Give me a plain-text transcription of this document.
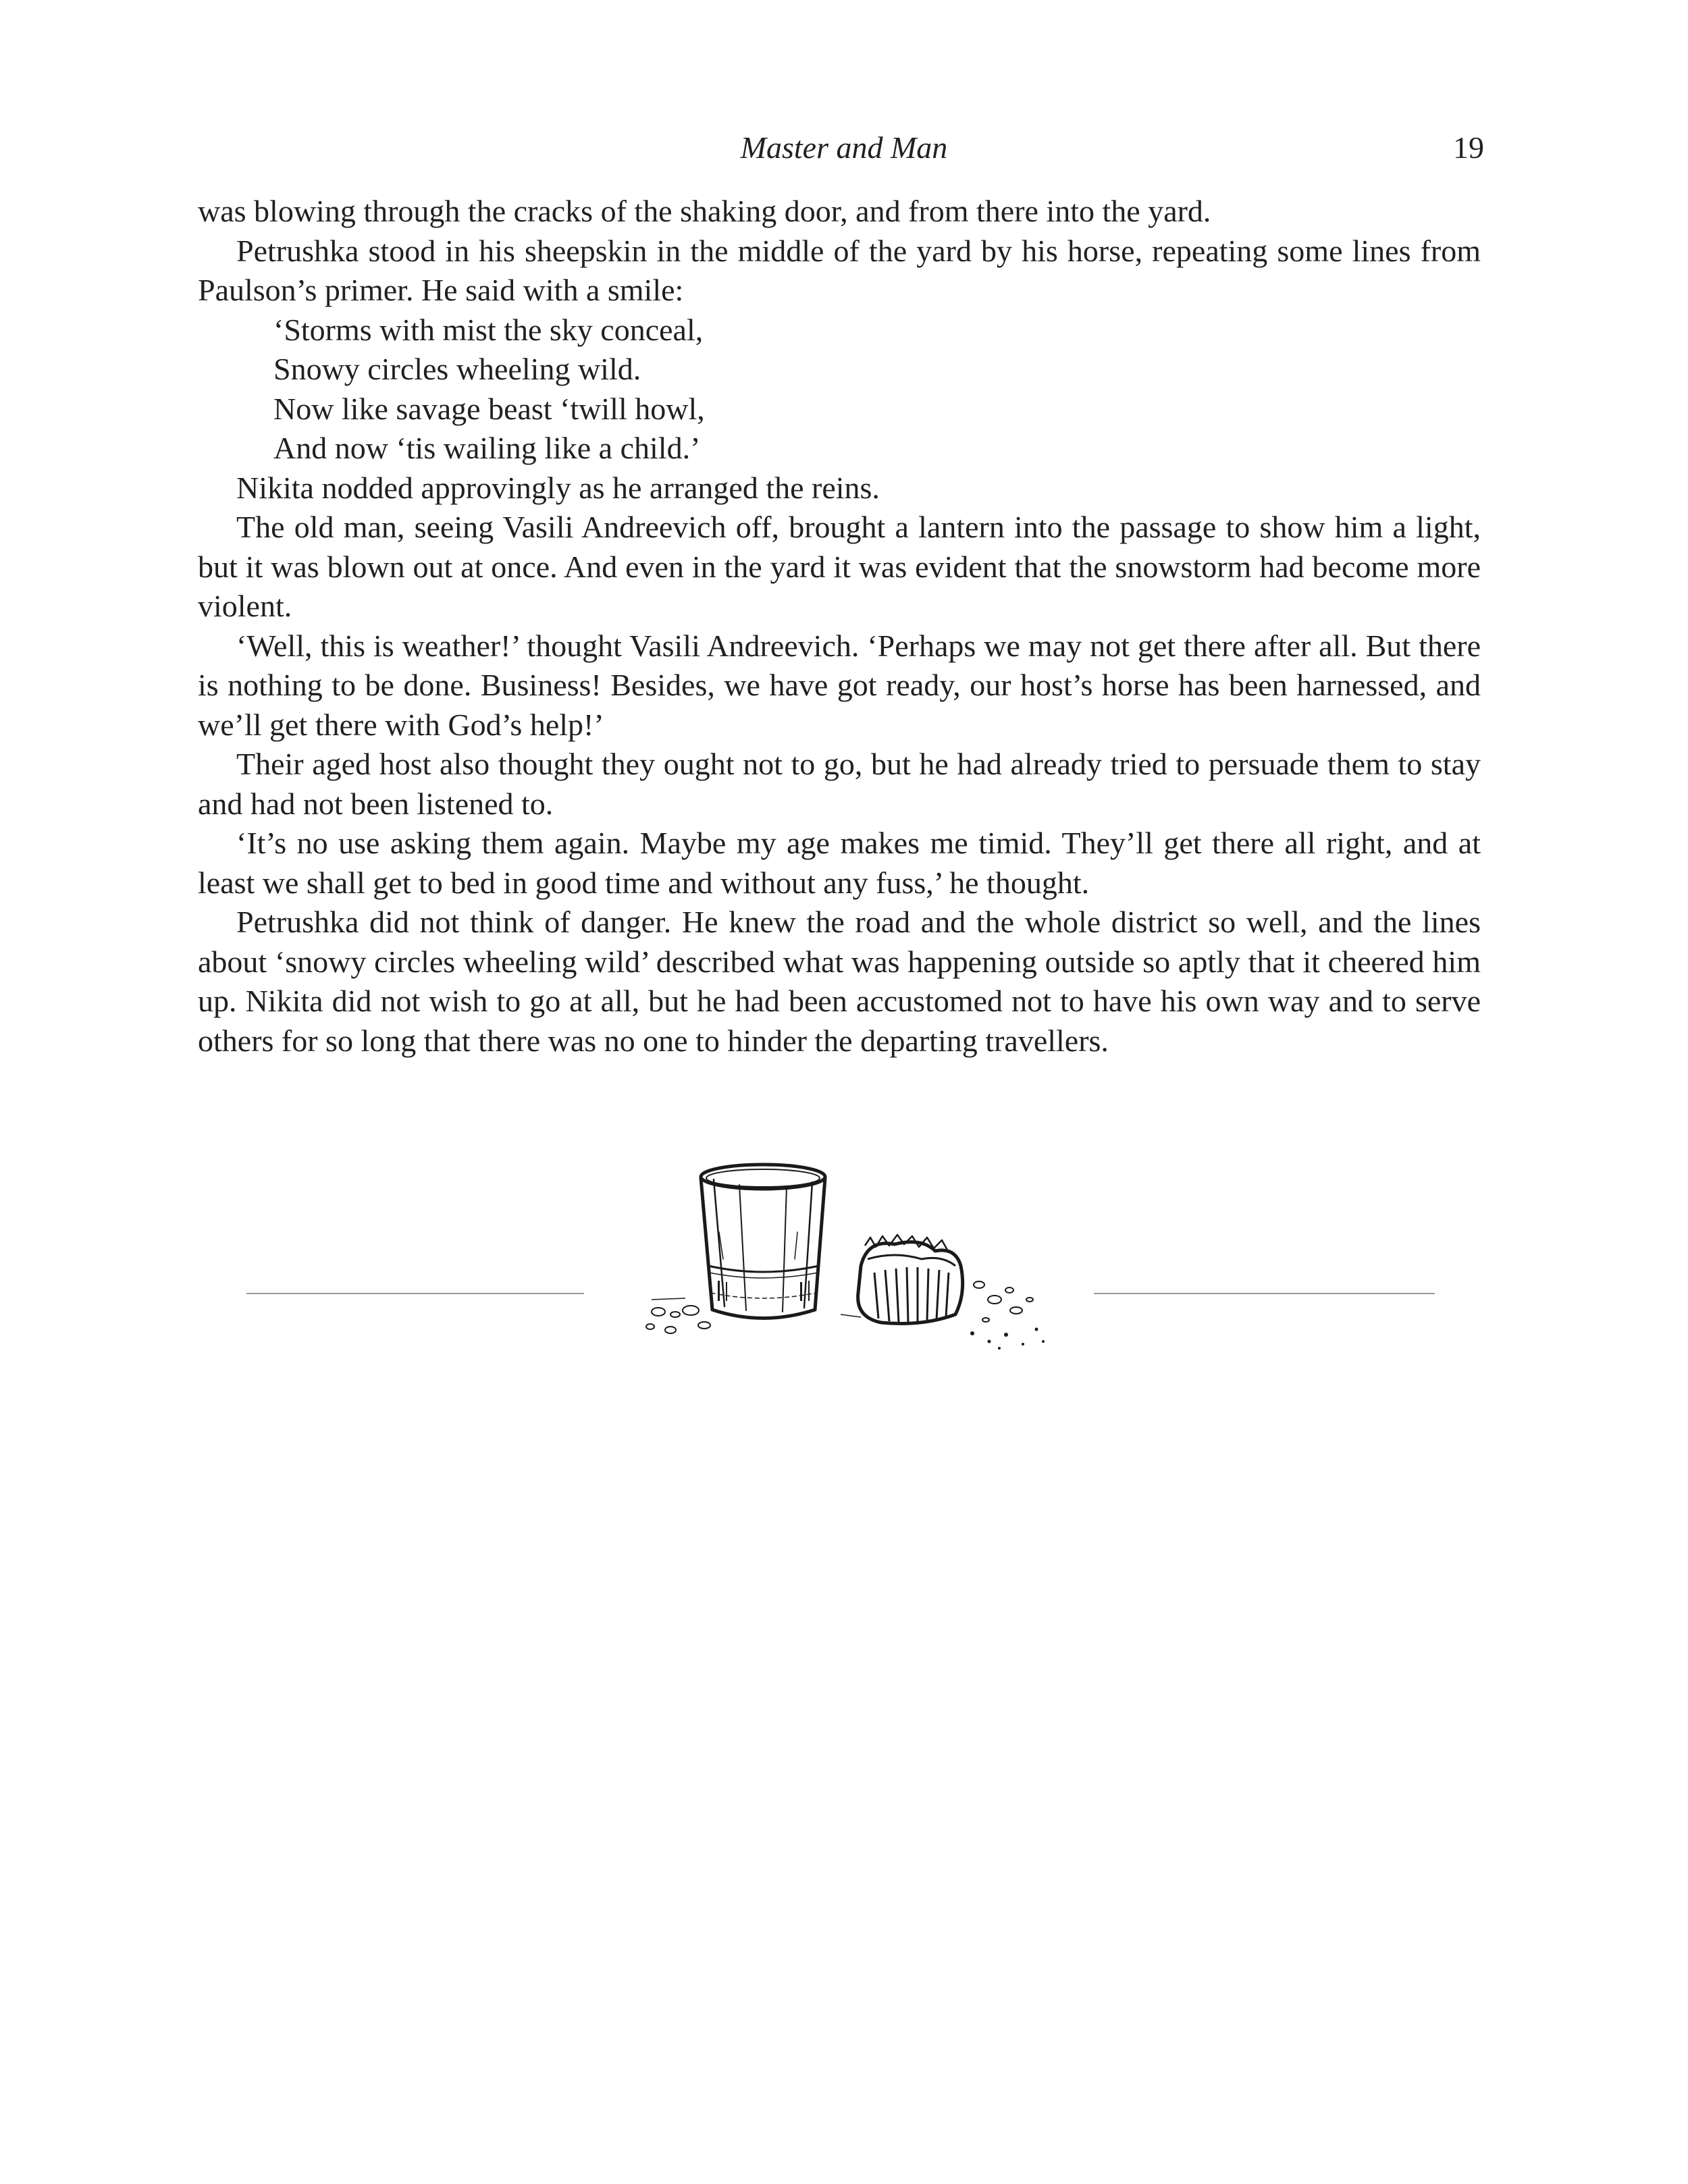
Master and Man	19

was blowing through the cracks of the shaking door, and from there into the yard.

Petrushka stood in his sheepskin in the middle of the yard by his horse, repeating some lines from Paulson’s primer. He said with a smile:

‘Storms with mist the sky conceal,
Snowy circles wheeling wild.
Now like savage beast ‘twill howl,
And now ‘tis wailing like a child.’

Nikita nodded approvingly as he arranged the reins.

The old man, seeing Vasili Andreevich off, brought a lantern into the passage to show him a light, but it was blown out at once. And even in the yard it was evident that the snowstorm had become more violent.

‘Well, this is weather!’ thought Vasili Andreevich. ‘Perhaps we may not get there after all. But there is nothing to be done. Business! Besides, we have got ready, our host’s horse has been harnessed, and we’ll get there with God’s help!’

Their aged host also thought they ought not to go, but he had already tried to persuade them to stay and had not been listened to.

‘It’s no use asking them again. Maybe my age makes me timid. They’ll get there all right, and at least we shall get to bed in good time and without any fuss,’ he thought.

Petrushka did not think of danger. He knew the road and the whole district so well, and the lines about ‘snowy circles wheeling wild’ described what was happening outside so aptly that it cheered him up. Nikita did not wish to go at all, but he had been accustomed not to have his own way and to serve others for so long that there was no one to hinder the departing travellers.
